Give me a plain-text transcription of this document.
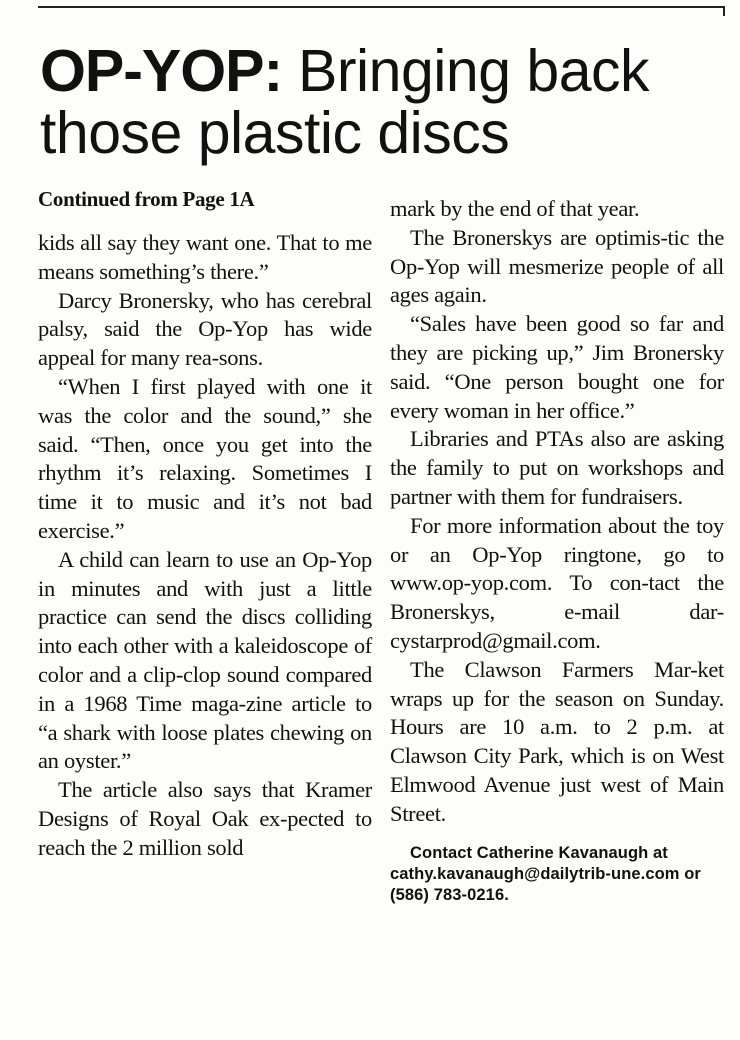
OP-YOP: Bringing back those plastic discs
Continued from Page 1A

kids all say they want one. That to me means something’s there.”

Darcy Bronersky, who has cerebral palsy, said the Op-Yop has wide appeal for many rea-sons.

“When I first played with one it was the color and the sound,” she said. “Then, once you get into the rhythm it’s relaxing. Sometimes I time it to music and it’s not bad exercise.”

A child can learn to use an Op-Yop in minutes and with just a little practice can send the discs colliding into each other with a kaleidoscope of color and a clip-clop sound compared in a 1968 Time maga-zine article to “a shark with loose plates chewing on an oyster.”

The article also says that Kramer Designs of Royal Oak ex-pected to reach the 2 million sold

mark by the end of that year.

The Bronerskys are optimis-tic the Op-Yop will mesmerize people of all ages again.

“Sales have been good so far and they are picking up,” Jim Bronersky said. “One person bought one for every woman in her office.”

Libraries and PTAs also are asking the family to put on workshops and partner with them for fundraisers.

For more information about the toy or an Op-Yop ringtone, go to www.op-yop.com. To con-tact the Bronerskys, e-mail dar-cystarprod@gmail.com.

The Clawson Farmers Mar-ket wraps up for the season on Sunday. Hours are 10 a.m. to 2 p.m. at Clawson City Park, which is on West Elmwood Avenue just west of Main Street.

Contact Catherine Kavanaugh at cathy.kavanaugh@dailytrib-une.com or (586) 783-0216.
